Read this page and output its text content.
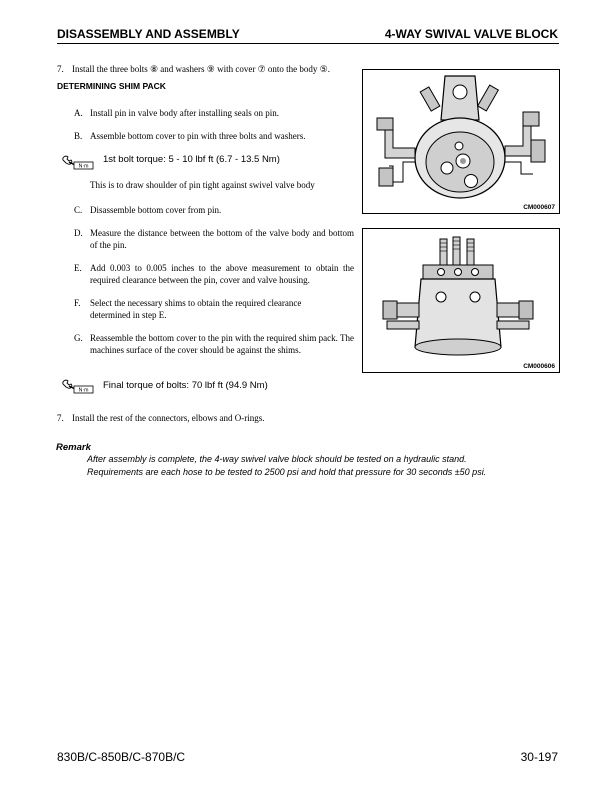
DISASSEMBLY AND ASSEMBLY	4-WAY SWIVAL VALVE BLOCK
7. Install the three bolts ⑧ and washers ⑨ with cover ⑦ onto the body ⑤.
DETERMINING SHIM PACK
A. Install pin in valve body after installing seals on pin.
B. Assemble bottom cover to pin with three bolts and washers.
N·m
1st bolt torque: 5 - 10 lbf ft (6.7 - 13.5 Nm)
This is to draw shoulder of pin tight against swivel valve body
C. Disassemble bottom cover from pin.
D. Measure the distance between the bottom of the valve body and bottom of the pin.
E. Add 0.003 to 0.005 inches to the above measurement to obtain the required clearance between the pin, cover and valve housing.
F. Select the necessary shims to obtain the required clearance determined in step E.
G. Reassemble the bottom cover to the pin with the required shim pack. The machines surface of the cover should be against the shims.
N·m Final torque of bolts: 70 lbf ft (94.9 Nm)
7. Install the rest of the connectors, elbows and O-rings.
Remark
After assembly is complete, the 4-way swivel valve block should be tested on a hydraulic stand.
Requirements are each hose to be tested to 2500 psi and hold that pressure for 30 seconds ±50 psi.
CM000607
CM000606
830B/C-850B/C-870B/C	30-197
